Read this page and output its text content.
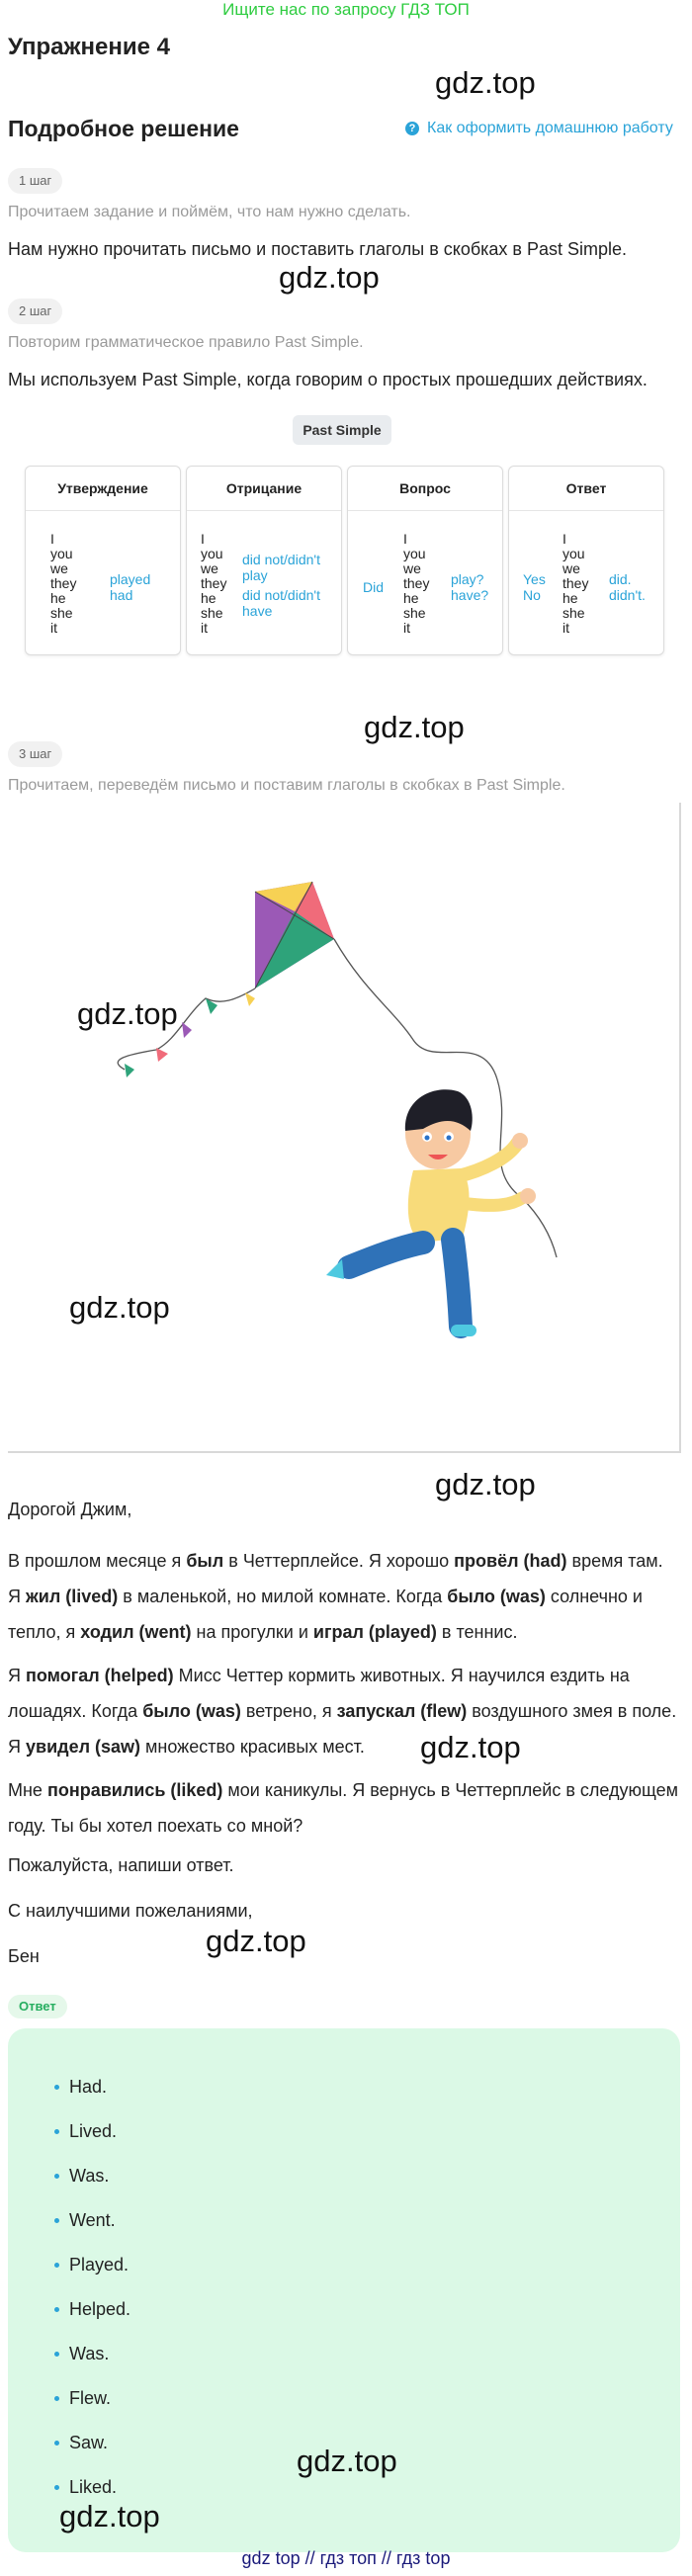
Ищите нас по запросу ГДЗ ТОП
Упражнение 4
gdz.top
Подробное решение	? Как оформить домашнюю работу
1 шаг
Прочитаем задание и поймём, что нам нужно сделать.
Нам нужно прочитать письмо и поставить глаголы в скобках в Past Simple.
gdz.top
2 шаг
Повторим грамматическое правило Past Simple.
Мы используем Past Simple, когда говорим о простых прошедших действиях.
Past Simple
Утверждение
I
you
we
they
he
she
it
played
had
Отрицание
I
you
we
they
he
she
it
did not/didn't play
did not/didn't have
Вопрос
Did
I
you
we
they
he
she
it
play?
have?
Ответ
Yes
No
I
you
we
they
he
she
it
did.
didn't.
gdz.top
3 шаг
Прочитаем, переведём письмо и поставим глаголы в скобках в Past Simple.
gdz.top
gdz.top
gdz.top

Дорогой Джим,

В прошлом месяце я был в Четтерплейсе. Я хорошо провёл (had) время там. Я жил (lived) в маленькой, но милой комнате. Когда было (was) солнечно и тепло, я ходил (went) на прогулки и играл (played) в теннис.

Я помогал (helped) Мисс Четтер кормить животных. Я научился ездить на лошадях. Когда было (was) ветрено, я запускал (flew) воздушного змея в поле. Я увидел (saw) множество красивых мест.

Мне понравились (liked) мои каникулы. Я вернусь в Четтерплейс в следующем году. Ты бы хотел поехать со мной?

Пожалуйста, напиши ответ.

С наилучшими пожеланиями,

Бен

gdz.top
gdz.top
Ответ
Had.
Lived.
Was.
Went.
Played.
Helped.
Was.
Flew.
Saw.
Liked.
gdz.top
gdz.top
gdz top // гдз топ // гдз top
